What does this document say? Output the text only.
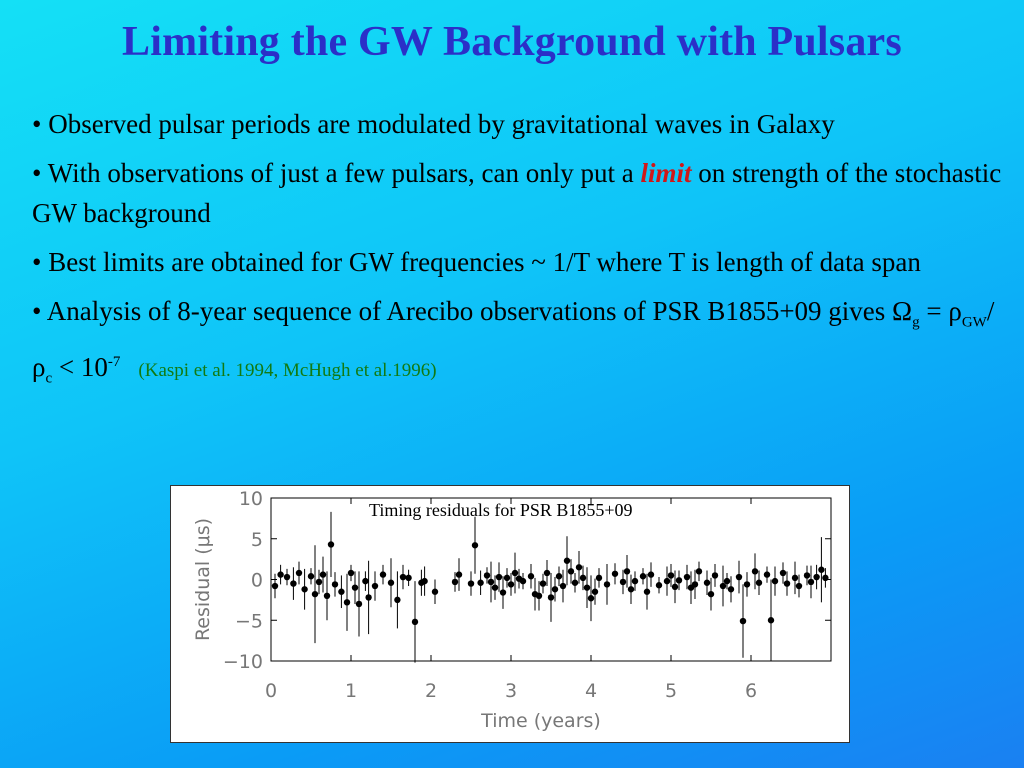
Limiting the GW Background with Pulsars
• Observed pulsar periods are modulated by gravitational waves in Galaxy
• With observations of just a few pulsars, can only put a limit on strength of the stochastic GW background
• Best limits are obtained for GW frequencies ~ 1/T where T is length of data span
• Analysis of 8-year sequence of Arecibo observations of PSR B1855+09 gives $\Omega_g = \rho_{GW}/\rho_c < 10^{-7}$ (Kaspi et al. 1994, McHugh et al.1996)
10
5
0
−5
−10
0	1	2	3	4	5	6
Time (years)
Residual (μs)
Timing residuals for PSR B1855+09
